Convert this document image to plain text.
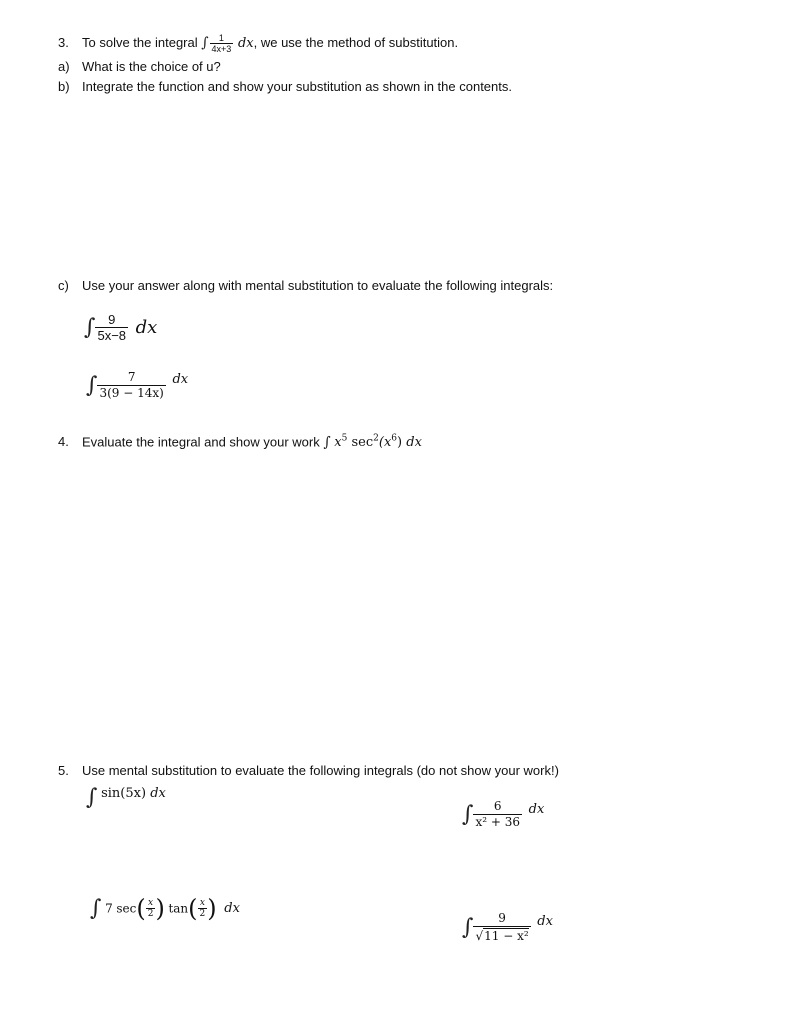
3. To solve the integral ∫ $\frac{1}{4x+3}$ dx, we use the method of substitution.
a) What is the choice of u?
b) Integrate the function and show your substitution as shown in the contents.
c) Use your answer along with mental substitution to evaluate the following integrals:
∫ $\frac{9}{5x-8}$ dx
∫ $\frac{7}{3(9 - 14x)}$ dx
4. Evaluate the integral and show your work ∫ $x^5$ $\sec^2(x^6)$ dx
5. Use mental substitution to evaluate the following integrals (do not show your work!)
∫ sin(5x) dx
∫ $\frac{6}{\text{x² + 36}}$ dx
∫ 7 $\sec( \frac{x}{2}$ ) $\tan( \frac{x}{2}$ ) dx
∫ $\frac{9}{\text{√11 − x²}}$ dx
